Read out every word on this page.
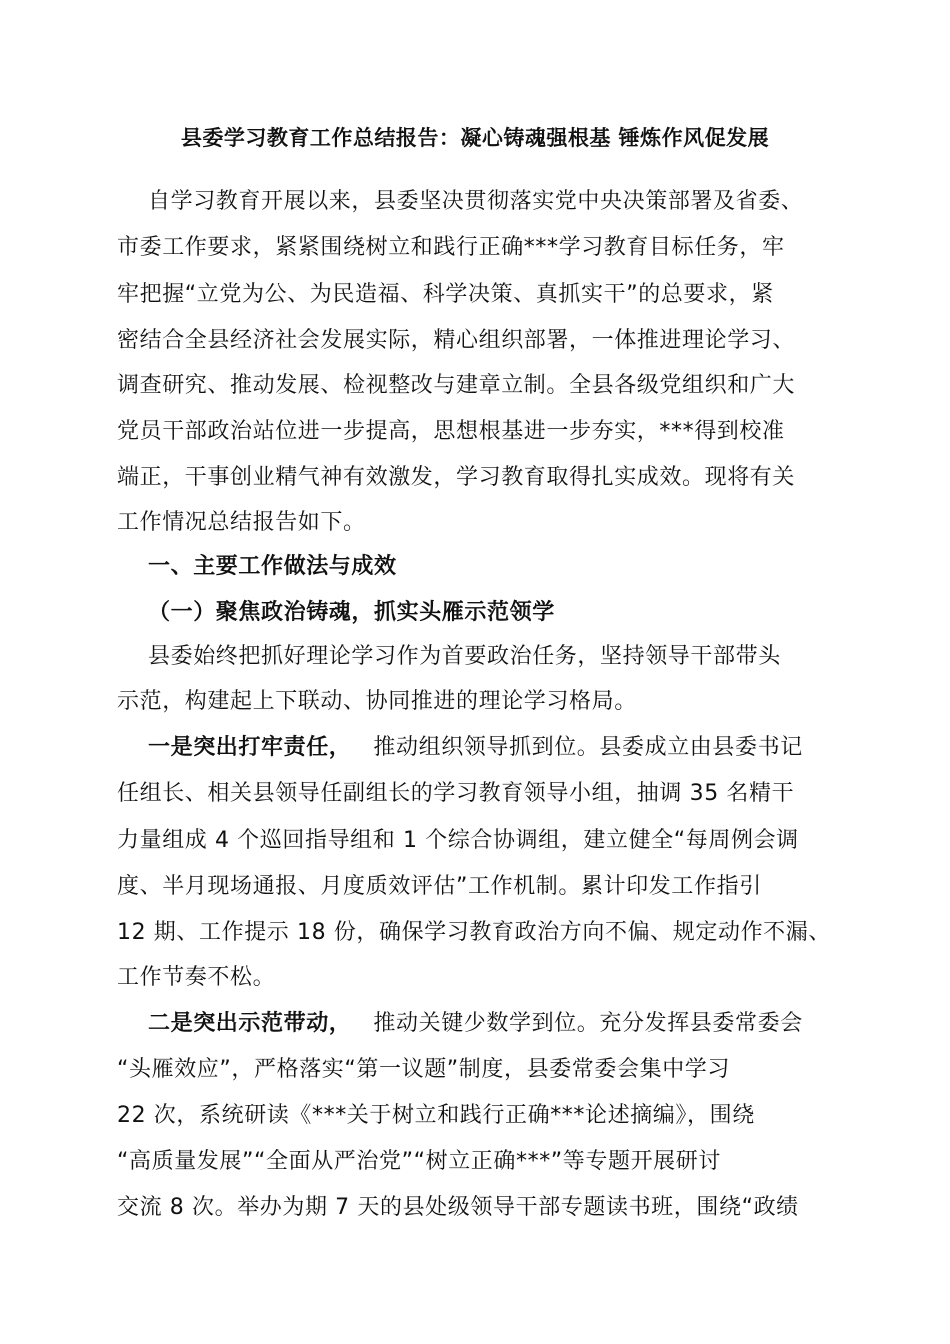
县委学习教育工作总结报告：凝心铸魂强根基 锤炼作风促发展
自学习教育开展以来，县委坚决贯彻落实党中央决策部署及省委、
市委工作要求，紧紧围绕树立和践行正确***学习教育目标任务，牢
牢把握“立党为公、为民造福、科学决策、真抓实干”的总要求，紧
密结合全县经济社会发展实际，精心组织部署，一体推进理论学习、
调查研究、推动发展、检视整改与建章立制。全县各级党组织和广大
党员干部政治站位进一步提高，思想根基进一步夯实，***得到校准
端正，干事创业精气神有效激发，学习教育取得扎实成效。现将有关
工作情况总结报告如下。
一、主要工作做法与成效
（一）聚焦政治铸魂，抓实头雁示范领学
县委始终把抓好理论学习作为首要政治任务，坚持领导干部带头
示范，构建起上下联动、协同推进的理论学习格局。
一是突出打牢责任， 推动组织领导抓到位。县委成立由县委书记
任组长、相关县领导任副组长的学习教育领导小组，抽调 35 名精干
力量组成 4 个巡回指导组和 1 个综合协调组，建立健全“每周例会调
度、半月现场通报、月度质效评估”工作机制。累计印发工作指引
12 期、工作提示 18 份，确保学习教育政治方向不偏、规定动作不漏、
工作节奏不松。
二是突出示范带动， 推动关键少数学到位。充分发挥县委常委会
“头雁效应”，严格落实“第一议题”制度，县委常委会集中学习
22 次，系统研读《***关于树立和践行正确***论述摘编》，围绕
“高质量发展”“全面从严治党”“树立正确***”等专题开展研讨
交流 8 次。举办为期 7 天的县处级领导干部专题读书班，围绕“政绩
